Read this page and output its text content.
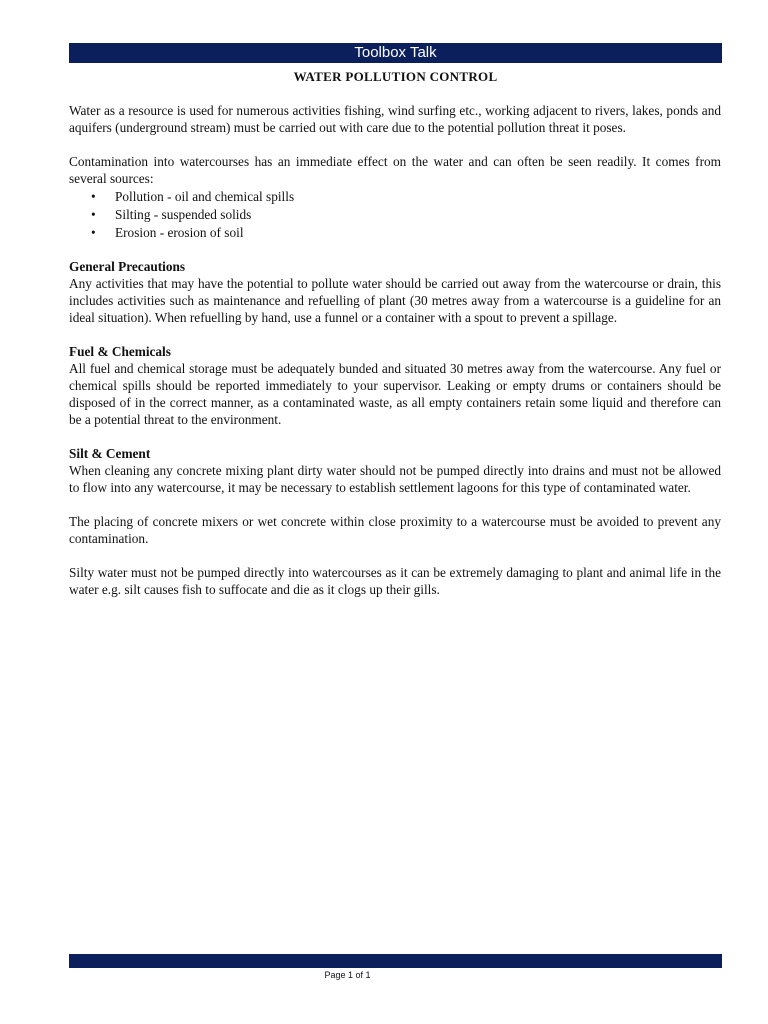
Toolbox Talk
WATER POLLUTION CONTROL

Water as a resource is used for numerous activities fishing, wind surfing etc., working adjacent to rivers, lakes, ponds and aquifers (underground stream) must be carried out with care due to the potential pollution threat it poses.

Contamination into watercourses has an immediate effect on the water and can often be seen readily. It comes from several sources:

• Pollution - oil and chemical spills
• Silting - suspended solids
• Erosion - erosion of soil
General Precautions

Any activities that may have the potential to pollute water should be carried out away from the watercourse or drain, this includes activities such as maintenance and refuelling of plant (30 metres away from a watercourse is a guideline for an ideal situation). When refuelling by hand, use a funnel or a container with a spout to prevent a spillage.

Fuel & Chemicals

All fuel and chemical storage must be adequately bunded and situated 30 metres away from the watercourse. Any fuel or chemical spills should be reported immediately to your supervisor. Leaking or empty drums or containers should be disposed of in the correct manner, as a contaminated waste, as all empty containers retain some liquid and therefore can be a potential threat to the environment.

Silt & Cement

When cleaning any concrete mixing plant dirty water should not be pumped directly into drains and must not be allowed to flow into any watercourse, it may be necessary to establish settlement lagoons for this type of contaminated water.

The placing of concrete mixers or wet concrete within close proximity to a watercourse must be avoided to prevent any contamination.

Silty water must not be pumped directly into watercourses as it can be extremely damaging to plant and animal life in the water e.g. silt causes fish to suffocate and die as it clogs up their gills.

Page 1 of 1
